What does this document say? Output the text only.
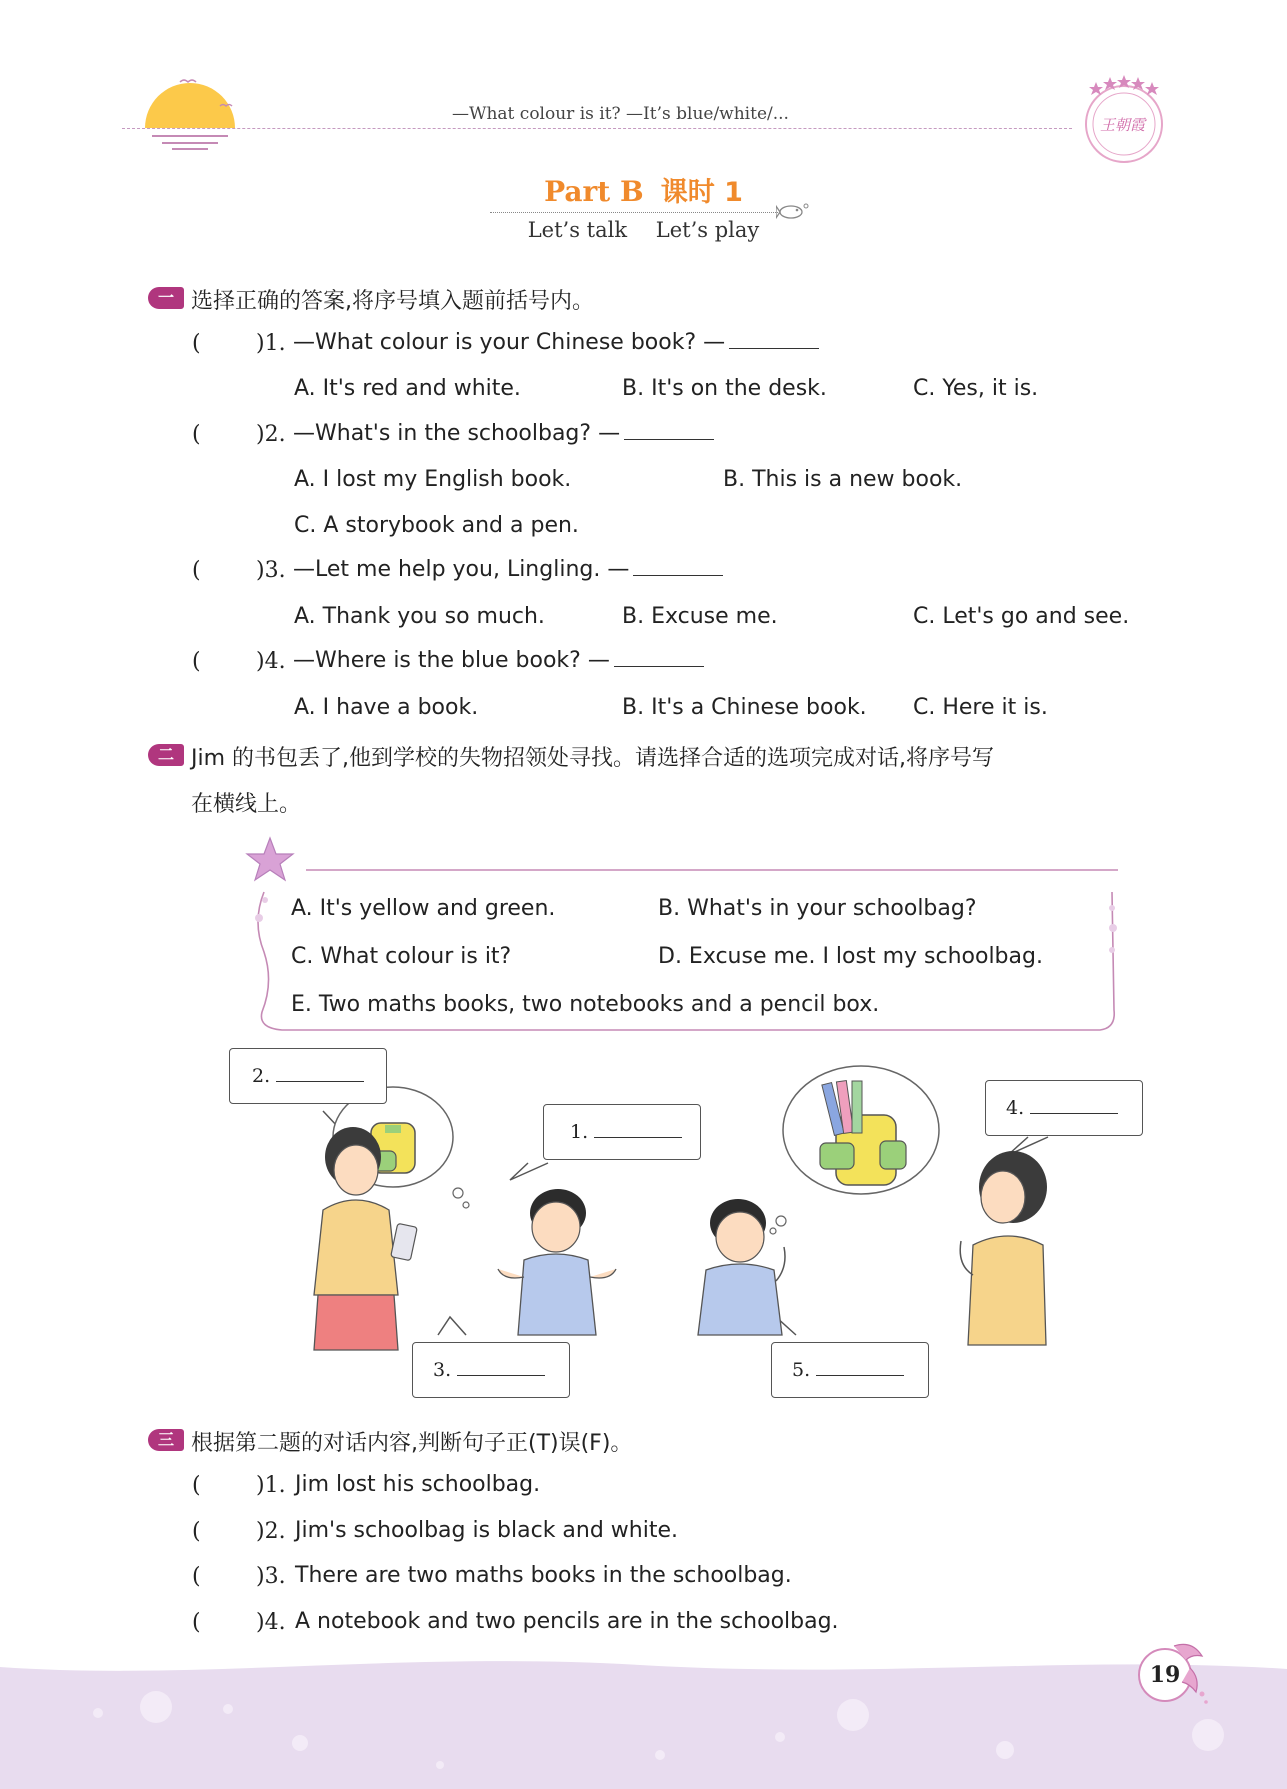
—What colour is it? —It’s blue/white/...
王朝霞
Part B 课时 1
Let’s talk Let’s play
一 选择正确的答案,将序号填入题前括号内。
(	)1. —What colour is your Chinese book? —
A. It's red and white.	B. It's on the desk.	C. Yes, it is.
(	)2. —What's in the schoolbag? —
A. I lost my English book.	B. This is a new book.
C. A storybook and a pen.
(	)3. —Let me help you, Lingling. —
A. Thank you so much.	B. Excuse me.	C. Let's go and see.
(	)4. —Where is the blue book? —
A. I have a book.	B. It's a Chinese book. C. Here it is.
二 Jim 的书包丢了,他到学校的失物招领处寻找。请选择合适的选项完成对话,将序号写
在横线上。
A. It's yellow and green.	B. What's in your schoolbag?
C. What colour is it?	D. Excuse me. I lost my schoolbag.
E. Two maths books, two notebooks and a pencil box.
2.
1.
4.
3.	5.
三 根据第二题的对话内容,判断句子正(T)误(F)。
(	)1. Jim lost his schoolbag.
(	)2. Jim's schoolbag is black and white.
(	)3. There are two maths books in the schoolbag.
(	)4. A notebook and two pencils are in the schoolbag.
19
